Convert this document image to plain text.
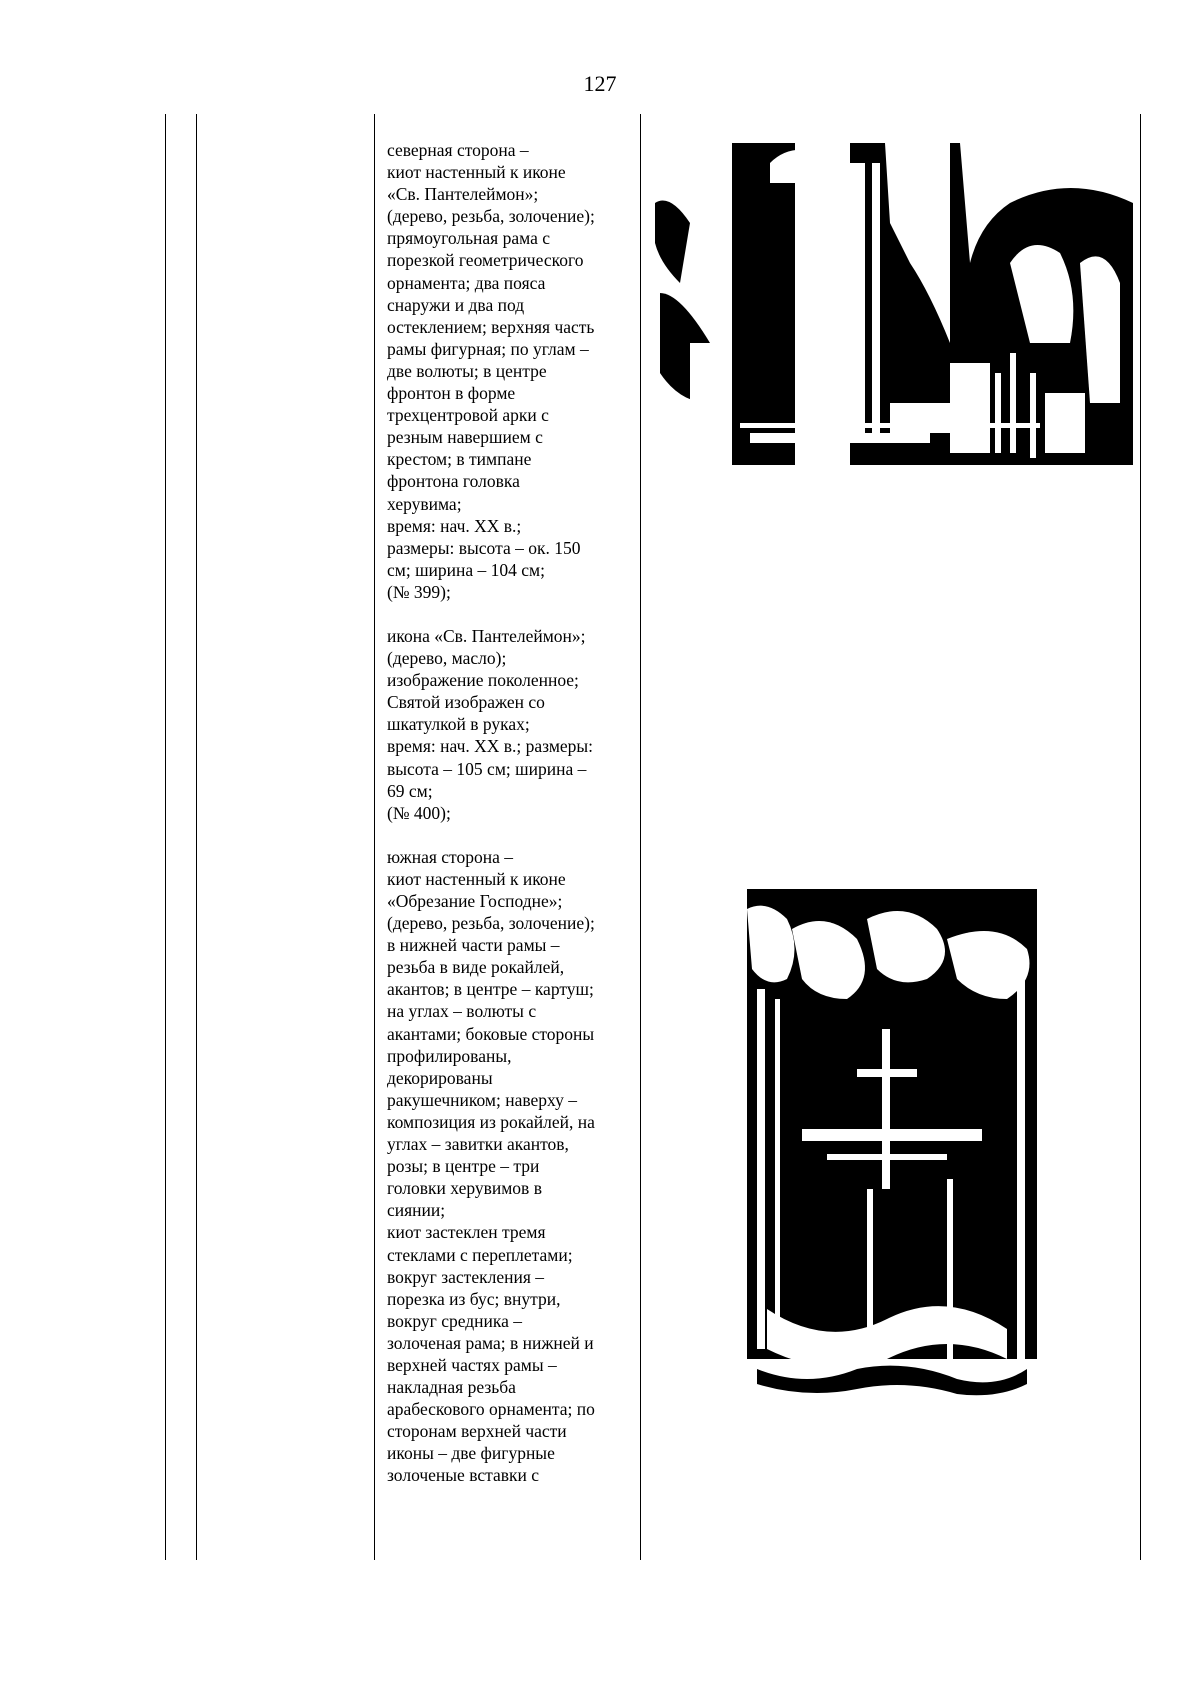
127

северная сторона –
киот настенный к иконе
«Св. Пантелеймон»;
(дерево, резьба, золочение);
прямоугольная рама с
порезкой геометрического
орнамента; два пояса
снаружи и два под
остеклением; верхняя часть
рамы фигурная; по углам –
две волюты; в центре
фронтон в форме
трехцентровой арки с
резным навершием с
крестом; в тимпане
фронтона головка
херувима;
время: нач. XX в.;
размеры: высота – ок. 150
см; ширина – 104 см;
(№ 399);

икона «Св. Пантелеймон»;
(дерево, масло);
изображение поколенное;
Святой изображен со
шкатулкой в руках;
время: нач. XX в.; размеры:
высота – 105 см; ширина –
69 см;
(№ 400);

южная сторона –
киот настенный к иконе
«Обрезание Господне»;
(дерево, резьба, золочение);
в нижней части рамы –
резьба в виде рокайлей,
акантов; в центре – картуш;
на углах – волюты с
акантами; боковые стороны
профилированы,
декорированы
ракушечником; наверху –
композиция из рокайлей, на
углах – завитки акантов,
розы; в центре – три
головки херувимов в
сиянии;
киот застеклен тремя
стеклами с переплетами;
вокруг застекления –
порезка из бус; внутри,
вокруг средника –
золоченая рама; в нижней и
верхней частях рамы –
накладная резьба
арабескового орнамента; по
сторонам верхней части
иконы – две фигурные
золоченые вставки с
